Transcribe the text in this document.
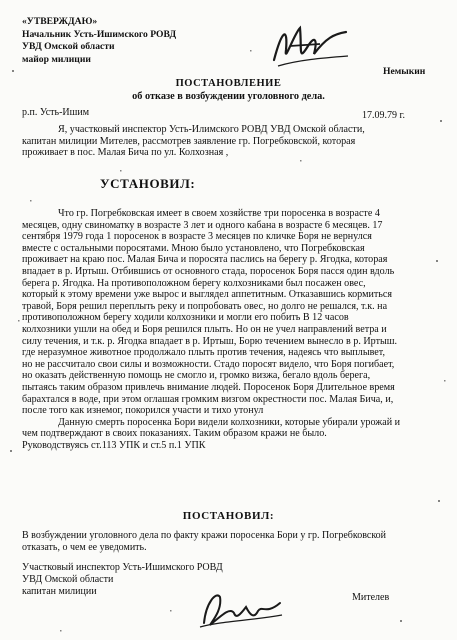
«УТВЕРЖДАЮ»
Начальник Усть-Ишимского РОВД
УВД Омской области
майор милиции
Немыкин
ПОСТАНОВЛЕНИЕ
об отказе в возбуждении уголовного дела.
р.п. Усть-Ишим	17.09.79 г.
Я, участковый инспектор Усть-Илимского РОВД УВД Омской области,
капитан милиции Мителев, рассмотрев заявление гр. Погребковской, которая
проживает в пос. Малая Бича по ул. Колхозная ,
УСТАНОВИЛ:
Что гр. Погребковская имеет в своем хозяйстве три поросенка в возрасте 4
месяцев, одну свиноматку в возрасте 3 лет и одного кабана в возрасте 6 месяцев. 17
сентября 1979 года 1 поросенок в возрасте 3 месяцев по кличке Боря не вернулся
вместе с остальными поросятами. Мною было установлено, что Погребковская
проживает на краю пос. Малая Бича и поросята паслись на берегу р. Ягодка, которая
впадает в р. Иртыш. Отбившись от основного стада, поросенок Боря пасся один вдоль
берега р. Ягодка. На противоположном берегу колхозниками был посажен овес,
который к этому времени уже вырос и выглядел аппетитным. Отказавшись кормиться
травой, Боря решил переплыть реку и попробовать овес, но долго не решался, т.к. на
противоположном берегу ходили колхозники и могли его побить В 12 часов
колхозники ушли на обед и Боря решился плыть. Но он не учел направлений ветра и
силу течения, и т.к. р. Ягодка впадает в р. Иртыш, Борю течением вынесло в р. Иртыш.
где неразумное животное продолжало плыть против течения, надеясь что выплывет,
но не рассчитало свои силы и возможности. Стадо поросят видело, что Боря погибает,
но оказать действенную помощь не смогло и, громко визжа, бегало вдоль берега,
пытаясь таким образом привлечь внимание людей. Поросенок Боря Длительное время
барахтался в воде, при этом оглашая громким визгом окрестности пос. Малая Бича, и,
после того как изнемог, покорился участи и тихо утонул
Данную смерть поросенка Бори видели колхозники, которые убирали урожай и
чем подтверждают в своих показаниях. Таким образом кражи не было.
Руководствуясь ст.113 УПК и ст.5 п.1 УПК
ПОСТАНОВИЛ:
В возбуждении уголовного дела по факту кражи поросенка Бори у гр. Погребковской
отказать, о чем ее уведомить.
Участковый инспектор Усть-Ишимского РОВД
УВД Омской области
капитан милиции
Мителев
